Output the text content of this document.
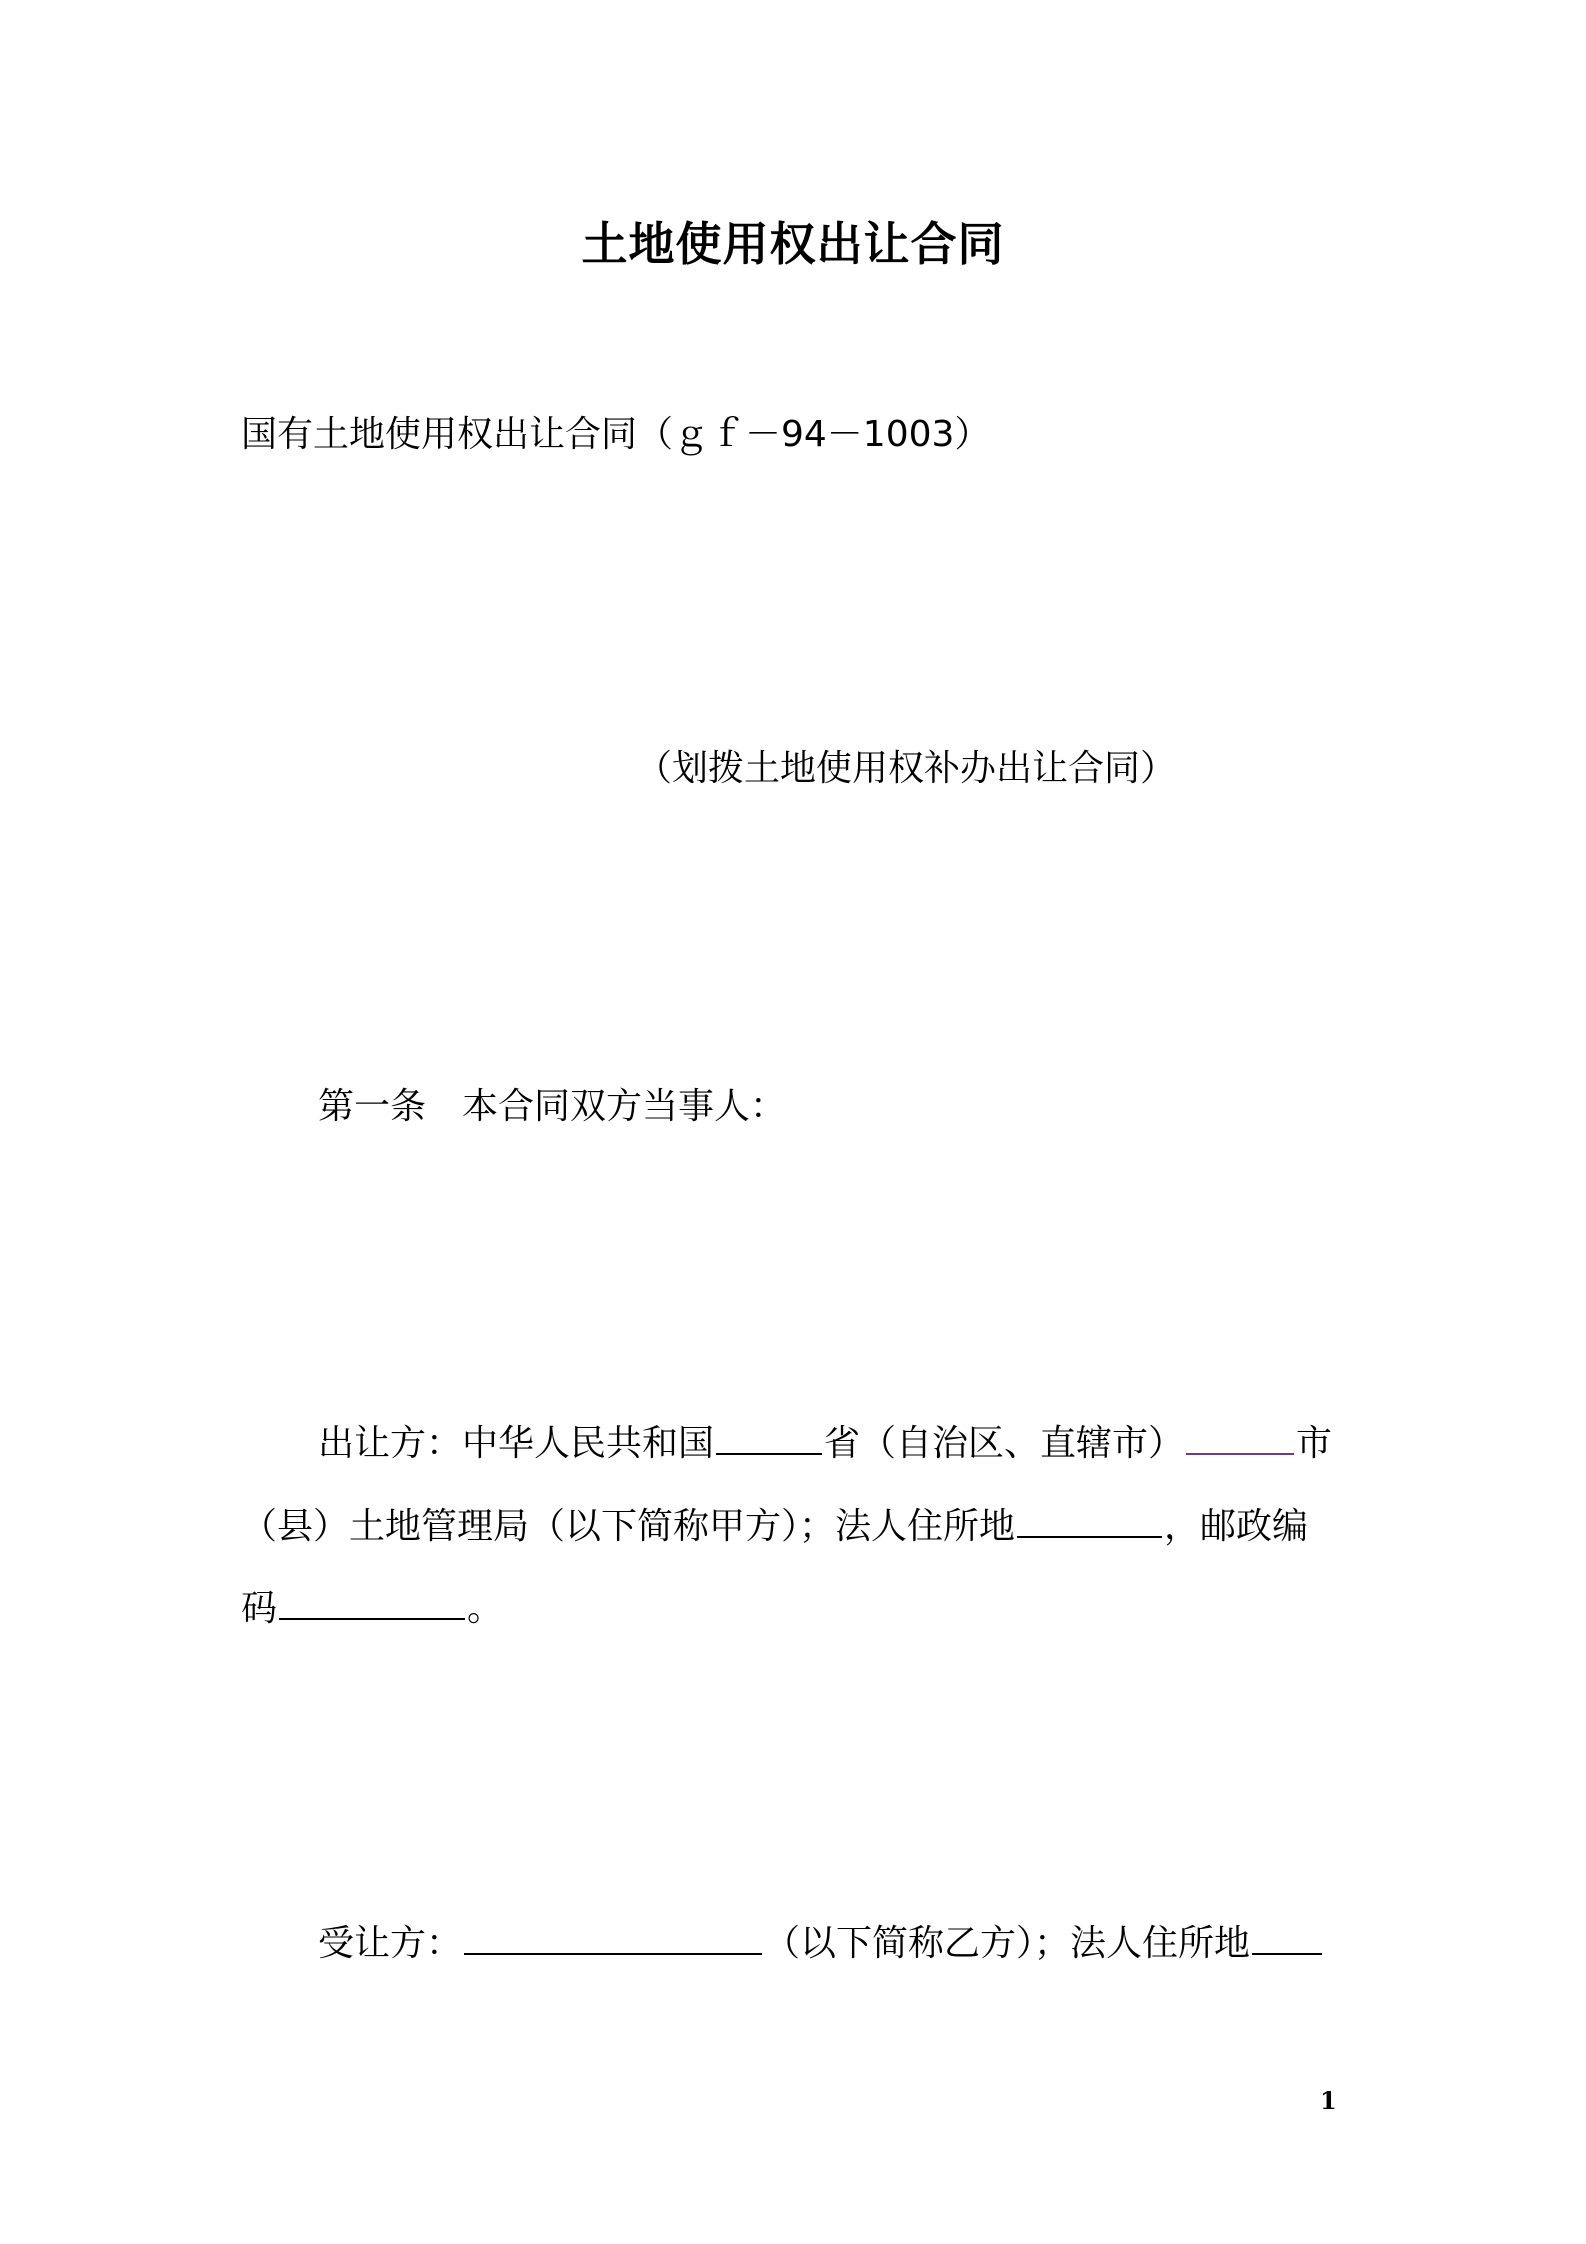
土地使用权出让合同
国有土地使用权出让合同（ｇｆ－94－1003）
（划拨土地使用权补办出让合同）
第一条　本合同双方当事人：
出让方：中华人民共和国	省（自治区、直辖市）	市
（县）土地管理局（以下简称甲方）；法人住所地	，邮政编
码	。
受让方：	（以下简称乙方）；法人住所地
1
